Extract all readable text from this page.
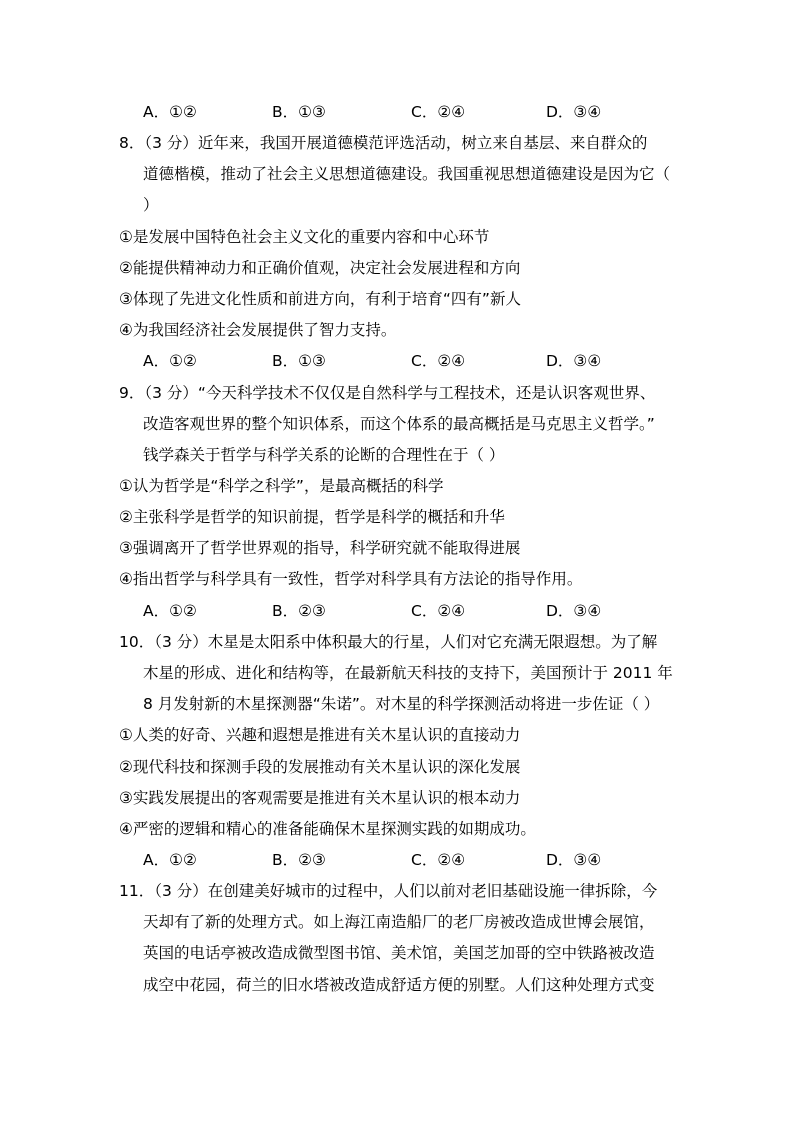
A．①②	B．①③	C．②④	D．③④
8．（3 分）近年来，我国开展道德模范评选活动，树立来自基层、来自群众的
道德楷模，推动了社会主义思想道德建设。我国重视思想道德建设是因为它（
）
①是发展中国特色社会主义文化的重要内容和中心环节
②能提供精神动力和正确价值观，决定社会发展进程和方向
③体现了先进文化性质和前进方向，有利于培育“四有”新人
④为我国经济社会发展提供了智力支持。
A．①②	B．①③	C．②④	D．③④
9．（3 分）“今天科学技术不仅仅是自然科学与工程技术，还是认识客观世界、
改造客观世界的整个知识体系，而这个体系的最高概括是马克思主义哲学。”
钱学森关于哲学与科学关系的论断的合理性在于（ ）
①认为哲学是“科学之科学”，是最高概括的科学
②主张科学是哲学的知识前提，哲学是科学的概括和升华
③强调离开了哲学世界观的指导，科学研究就不能取得进展
④指出哲学与科学具有一致性，哲学对科学具有方法论的指导作用。
A．①②	B．②③	C．②④	D．③④
10．（3 分）木星是太阳系中体积最大的行星，人们对它充满无限遐想。为了解
木星的形成、进化和结构等，在最新航天科技的支持下，美国预计于 2011 年
8 月发射新的木星探测器“朱诺”。对木星的科学探测活动将进一步佐证（ ）
①人类的好奇、兴趣和遐想是推进有关木星认识的直接动力
②现代科技和探测手段的发展推动有关木星认识的深化发展
③实践发展提出的客观需要是推进有关木星认识的根本动力
④严密的逻辑和精心的准备能确保木星探测实践的如期成功。
A．①②	B．②③	C．②④	D．③④
11．（3 分）在创建美好城市的过程中，人们以前对老旧基础设施一律拆除，今
天却有了新的处理方式。如上海江南造船厂的老厂房被改造成世博会展馆，
英国的电话亭被改造成微型图书馆、美术馆，美国芝加哥的空中铁路被改造
成空中花园，荷兰的旧水塔被改造成舒适方便的别墅。人们这种处理方式变
